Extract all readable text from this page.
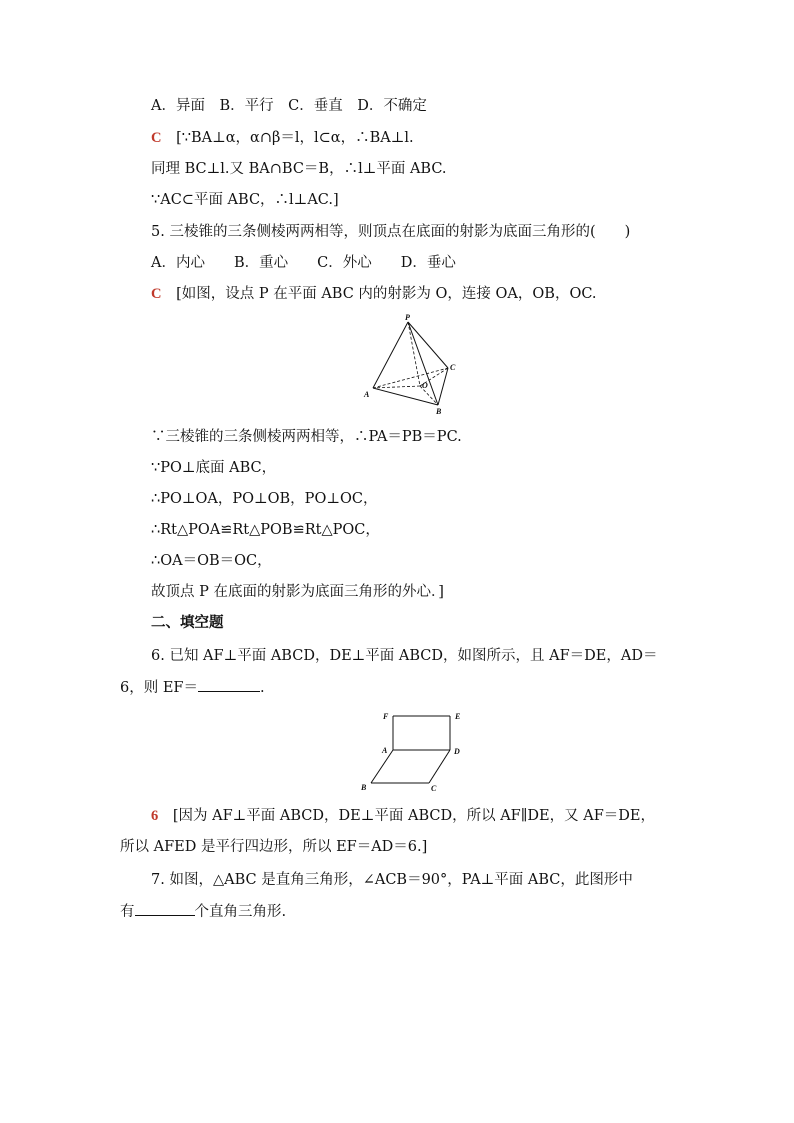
A．异面　B．平行　C．垂直　D．不确定
C [∵BA⊥α，α∩β＝l，l⊂α，∴BA⊥l.
同理 BC⊥l.又 BA∩BC＝B，∴l⊥平面 ABC.
∵AC⊂平面 ABC，∴l⊥AC.]
5. 三棱锥的三条侧棱两两相等，则顶点在底面的射影为底面三角形的(　　)
A．内心　　B．重心　　C．外心　　D．垂心
C [如图，设点 P 在平面 ABC 内的射影为 O，连接 OA，OB，OC.
P
A
B
C
O
∵三棱锥的三条侧棱两两相等，∴PA＝PB＝PC.
∵PO⊥底面 ABC，
∴PO⊥OA，PO⊥OB，PO⊥OC，
∴Rt△POA≌Rt△POB≌Rt△POC，
∴OA＝OB＝OC，
故顶点 P 在底面的射影为底面三角形的外心．]
二、填空题
6. 已知 AF⊥平面 ABCD，DE⊥平面 ABCD，如图所示，且 AF＝DE，AD＝
6，则 EF＝	.
F	E
A	D
B	C
6 [因为 AF⊥平面 ABCD，DE⊥平面 ABCD，所以 AF∥DE，又 AF＝DE，
所以 AFED 是平行四边形，所以 EF＝AD＝6.]
7. 如图，△ABC 是直角三角形，∠ACB＝90°，PA⊥平面 ABC，此图形中
有	个直角三角形.
